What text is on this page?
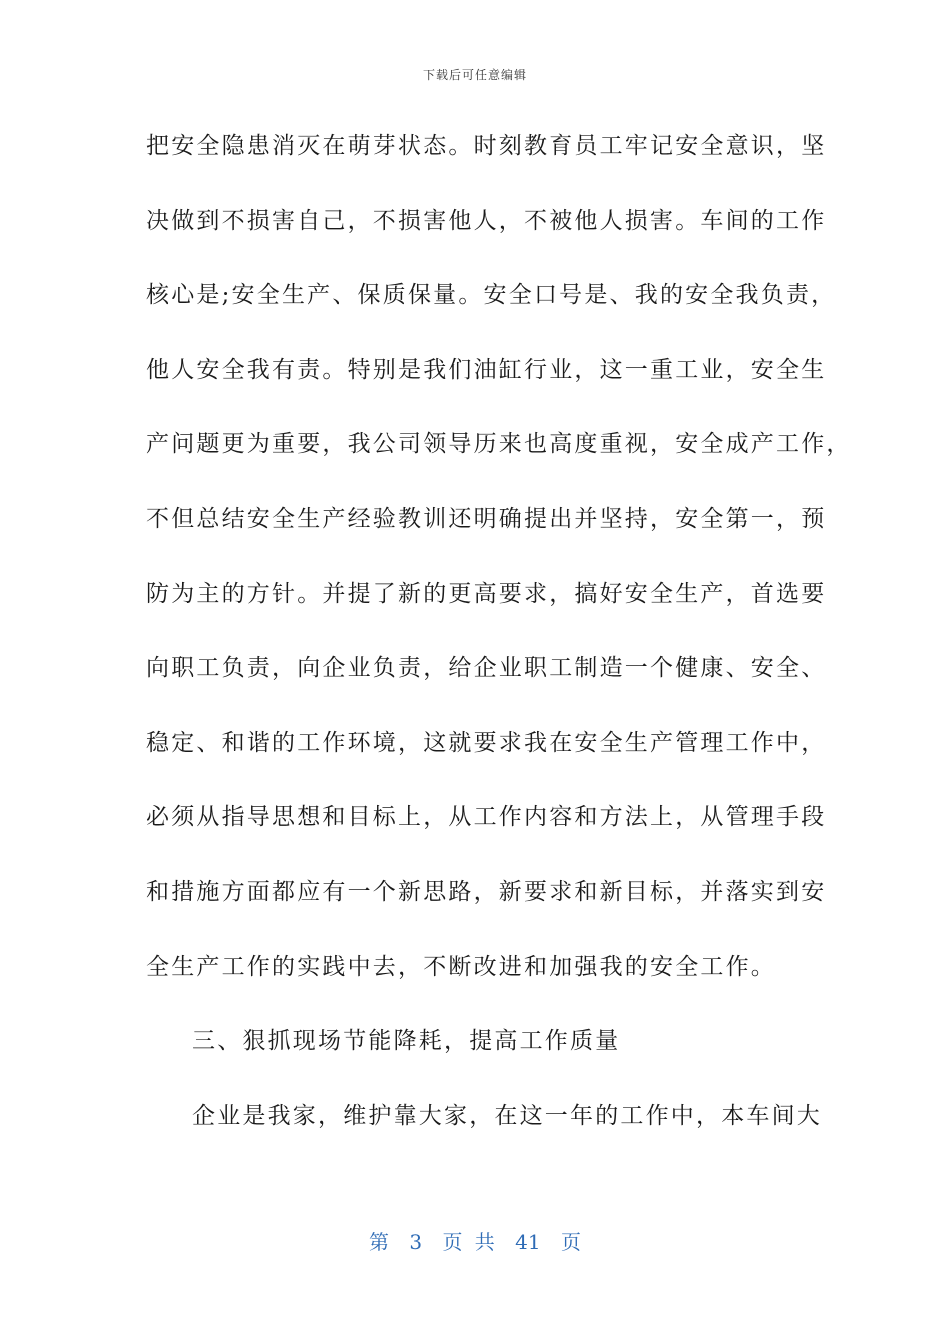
下载后可任意编辑
把安全隐患消灭在萌芽状态。时刻教育员工牢记安全意识，坚
决做到不损害自己，不损害他人，不被他人损害。车间的工作
核心是;安全生产、保质保量。安全口号是、我的安全我负责，
他人安全我有责。特别是我们油缸行业，这一重工业，安全生
产问题更为重要，我公司领导历来也高度重视，安全成产工作，
不但总结安全生产经验教训还明确提出并坚持，安全第一，预
防为主的方针。并提了新的更高要求，搞好安全生产，首选要
向职工负责，向企业负责，给企业职工制造一个健康、安全、
稳定、和谐的工作环境，这就要求我在安全生产管理工作中，
必须从指导思想和目标上，从工作内容和方法上，从管理手段
和措施方面都应有一个新思路，新要求和新目标，并落实到安
全生产工作的实践中去，不断改进和加强我的安全工作。
三、狠抓现场节能降耗，提高工作质量
企业是我家，维护靠大家，在这一年的工作中，本车间大
第 3 页 共 41 页
